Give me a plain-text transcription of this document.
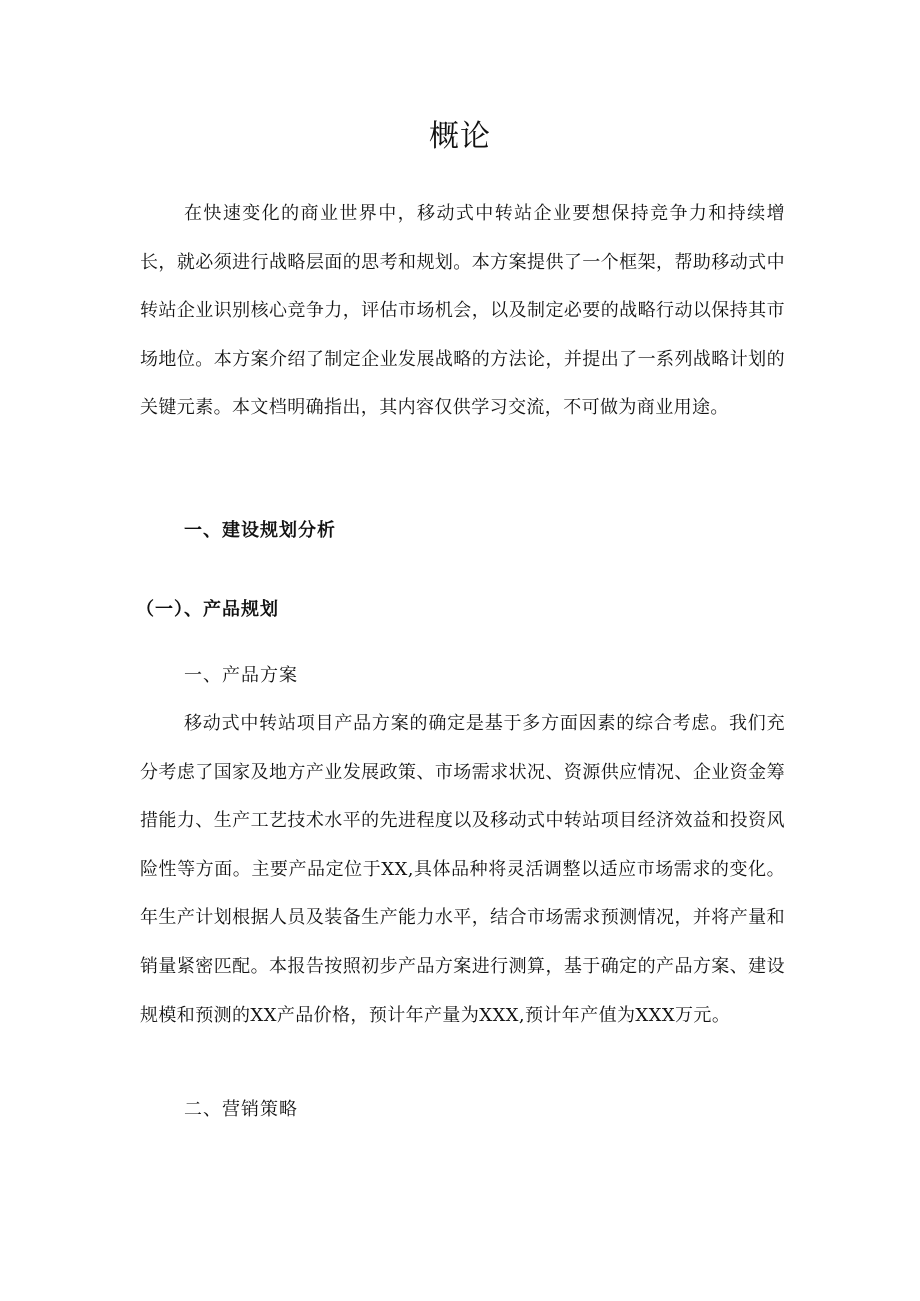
概论

在快速变化的商业世界中，移动式中转站企业要想保持竞争力和持续增长，就必须进行战略层面的思考和规划。本方案提供了一个框架，帮助移动式中转站企业识别核心竞争力，评估市场机会，以及制定必要的战略行动以保持其市场地位。本方案介绍了制定企业发展战略的方法论，并提出了一系列战略计划的关键元素。本文档明确指出，其内容仅供学习交流，不可做为商业用途。

一、建设规划分析
（一）、产品规划
一、产品方案

移动式中转站项目产品方案的确定是基于多方面因素的综合考虑。我们充分考虑了国家及地方产业发展政策、市场需求状况、资源供应情况、企业资金筹措能力、生产工艺技术水平的先进程度以及移动式中转站项目经济效益和投资风险性等方面。主要产品定位于XX,具体品种将灵活调整以适应市场需求的变化。年生产计划根据人员及装备生产能力水平，结合市场需求预测情况，并将产量和销量紧密匹配。本报告按照初步产品方案进行测算，基于确定的产品方案、建设规模和预测的XX产品价格，预计年产量为XXX,预计年产值为XXX万元。

二、营销策略
